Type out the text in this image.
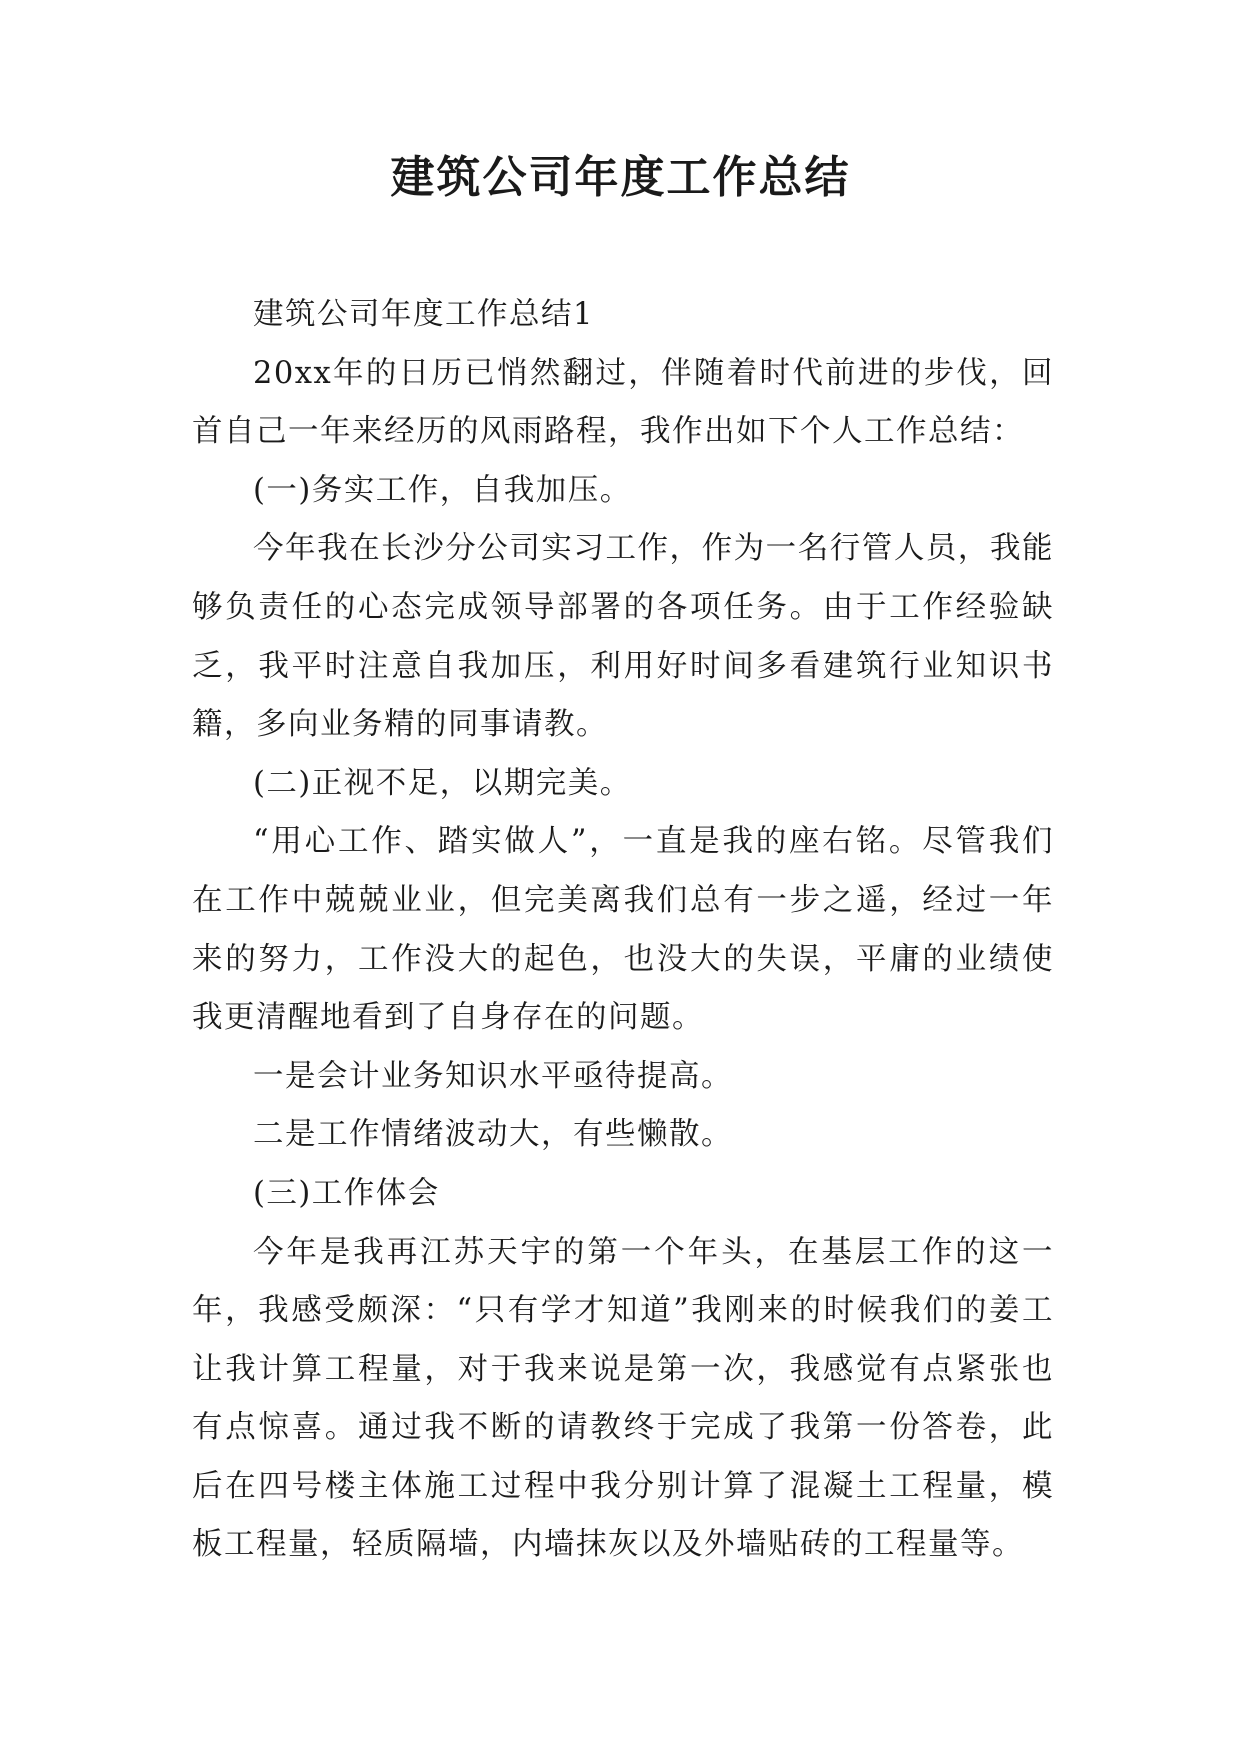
建筑公司年度工作总结

建筑公司年度工作总结1

20xx年的日历已悄然翻过，伴随着时代前进的步伐，回首自己一年来经历的风雨路程，我作出如下个人工作总结：

(一)务实工作，自我加压。

今年我在长沙分公司实习工作，作为一名行管人员，我能够负责任的心态完成领导部署的各项任务。由于工作经验缺乏，我平时注意自我加压，利用好时间多看建筑行业知识书籍，多向业务精的同事请教。

(二)正视不足，以期完美。

“用心工作、踏实做人”，一直是我的座右铭。尽管我们在工作中兢兢业业，但完美离我们总有一步之遥，经过一年来的努力，工作没大的起色，也没大的失误，平庸的业绩使我更清醒地看到了自身存在的问题。

一是会计业务知识水平亟待提高。

二是工作情绪波动大，有些懒散。

(三)工作体会

今年是我再江苏天宇的第一个年头，在基层工作的这一年，我感受颇深：“只有学才知道”我刚来的时候我们的姜工让我计算工程量，对于我来说是第一次，我感觉有点紧张也有点惊喜。通过我不断的请教终于完成了我第一份答卷，此后在四号楼主体施工过程中我分别计算了混凝土工程量，模板工程量，轻质隔墙，内墙抹灰以及外墙贴砖的工程量等。
